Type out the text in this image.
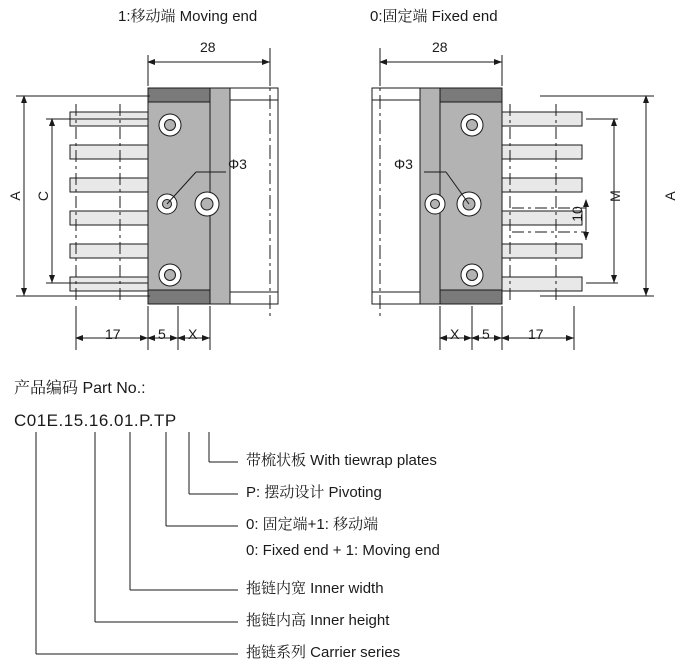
1:移动端 Moving end	0:固定端 Fixed end
28	28
Φ3	Φ3
A C	M
10
A
17	5 X	X 5	17
产品编码 Part No.:
C01E.15.16.01.P.TP
带梳状板 With tiewrap plates
P: 摆动设计 Pivoting
0: 固定端+1: 移动端
0: Fixed end + 1: Moving end
拖链内宽 Inner width
拖链内高 Inner height
拖链系列 Carrier series
